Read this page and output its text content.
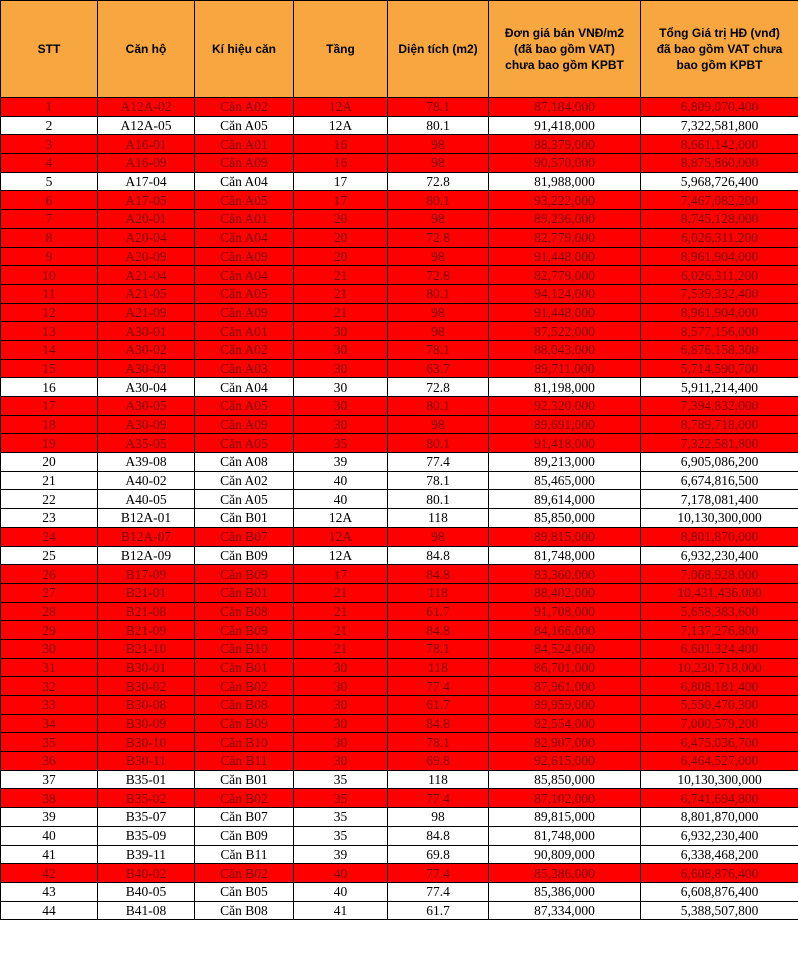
STT	Căn hộ	Kí hiệu căn	Tầng	Diện tích (m2)	Đơn giá bán VNĐ/m2
(đã bao gồm VAT)
chưa bao gồm KPBT	Tổng Giá trị HĐ (vnđ)
đã bao gồm VAT chưa
bao gồm KPBT

1	A12A-02	Căn A02	12A	78.1	87,184,000	6,809,070,400
2	A12A-05	Căn A05	12A	80.1	91,418,000	7,322,581,800
3	A16-01	Căn A01	16	98	88,379,000	8,661,142,000
4	A16-09	Căn A09	16	98	90,570,000	8,875,860,000
5	A17-04	Căn A04	17	72.8	81,988,000	5,968,726,400
6	A17-05	Căn A05	17	80.1	93,222,000	7,467,082,200
7	A20-01	Căn A01	20	98	89,236,000	8,745,128,000
8	A20-04	Căn A04	20	72.8	82,779,000	6,026,311,200
9	A20-09	Căn A09	20	98	91,448,000	8,961,904,000
10	A21-04	Căn A04	21	72.8	82,779,000	6,026,311,200
11	A21-05	Căn A05	21	80.1	94,124,000	7,539,332,400
12	A21-09	Căn A09	21	98	91,448,000	8,961,904,000
13	A30-01	Căn A01	30	98	87,522,000	8,577,156,000
14	A30-02	Căn A02	30	78.1	88,043,000	6,876,158,300
15	A30-03	Căn A03	30	63.7	89,711,000	5,714,590,700
16	A30-04	Căn A04	30	72.8	81,198,000	5,911,214,400
17	A30-05	Căn A05	30	80.1	92,320,000	7,394,832,000
18	A30-09	Căn A09	30	98	89,691,000	8,789,718,000
19	A35-05	Căn A05	35	80.1	91,418,000	7,322,581,800
20	A39-08	Căn A08	39	77.4	89,213,000	6,905,086,200
21	A40-02	Căn A02	40	78.1	85,465,000	6,674,816,500
22	A40-05	Căn A05	40	80.1	89,614,000	7,178,081,400
23	B12A-01	Căn B01	12A	118	85,850,000	10,130,300,000
24	B12A-07	Căn B07	12A	98	89,815,000	8,801,870,000
25	B12A-09	Căn B09	12A	84.8	81,748,000	6,932,230,400
26	B17-09	Căn B09	17	84.8	83,360,000	7,068,928,000
27	B21-01	Căn B01	21	118	88,402,000	10,431,436,000
28	B21-08	Căn B08	21	61.7	91,708,000	5,658,383,600
29	B21-09	Căn B09	21	84.8	84,166,000	7,137,276,800
30	B21-10	Căn B10	21	78.1	84,524,000	6,601,324,400
31	B30-01	Căn B01	30	118	86,701,000	10,230,718,000
32	B30-02	Căn B02	30	77.4	87,961,000	6,808,181,400
33	B30-08	Căn B08	30	61.7	89,959,000	5,550,470,300
34	B30-09	Căn B09	30	84.8	82,554,000	7,000,579,200
35	B30-10	Căn B10	30	78.1	82,907,000	6,475,036,700
36	B30-11	Căn B11	30	69.8	92,615,000	6,464,527,000
37	B35-01	Căn B01	35	118	85,850,000	10,130,300,000
38	B35-02	Căn B02	35	77.4	87,102,000	6,741,694,800
39	B35-07	Căn B07	35	98	89,815,000	8,801,870,000
40	B35-09	Căn B09	35	84.8	81,748,000	6,932,230,400
41	B39-11	Căn B11	39	69.8	90,809,000	6,338,468,200
42	B40-02	Căn B02	40	77.4	85,386,000	6,608,876,400
43	B40-05	Căn B05	40	77.4	85,386,000	6,608,876,400
44	B41-08	Căn B08	41	61.7	87,334,000	5,388,507,800
